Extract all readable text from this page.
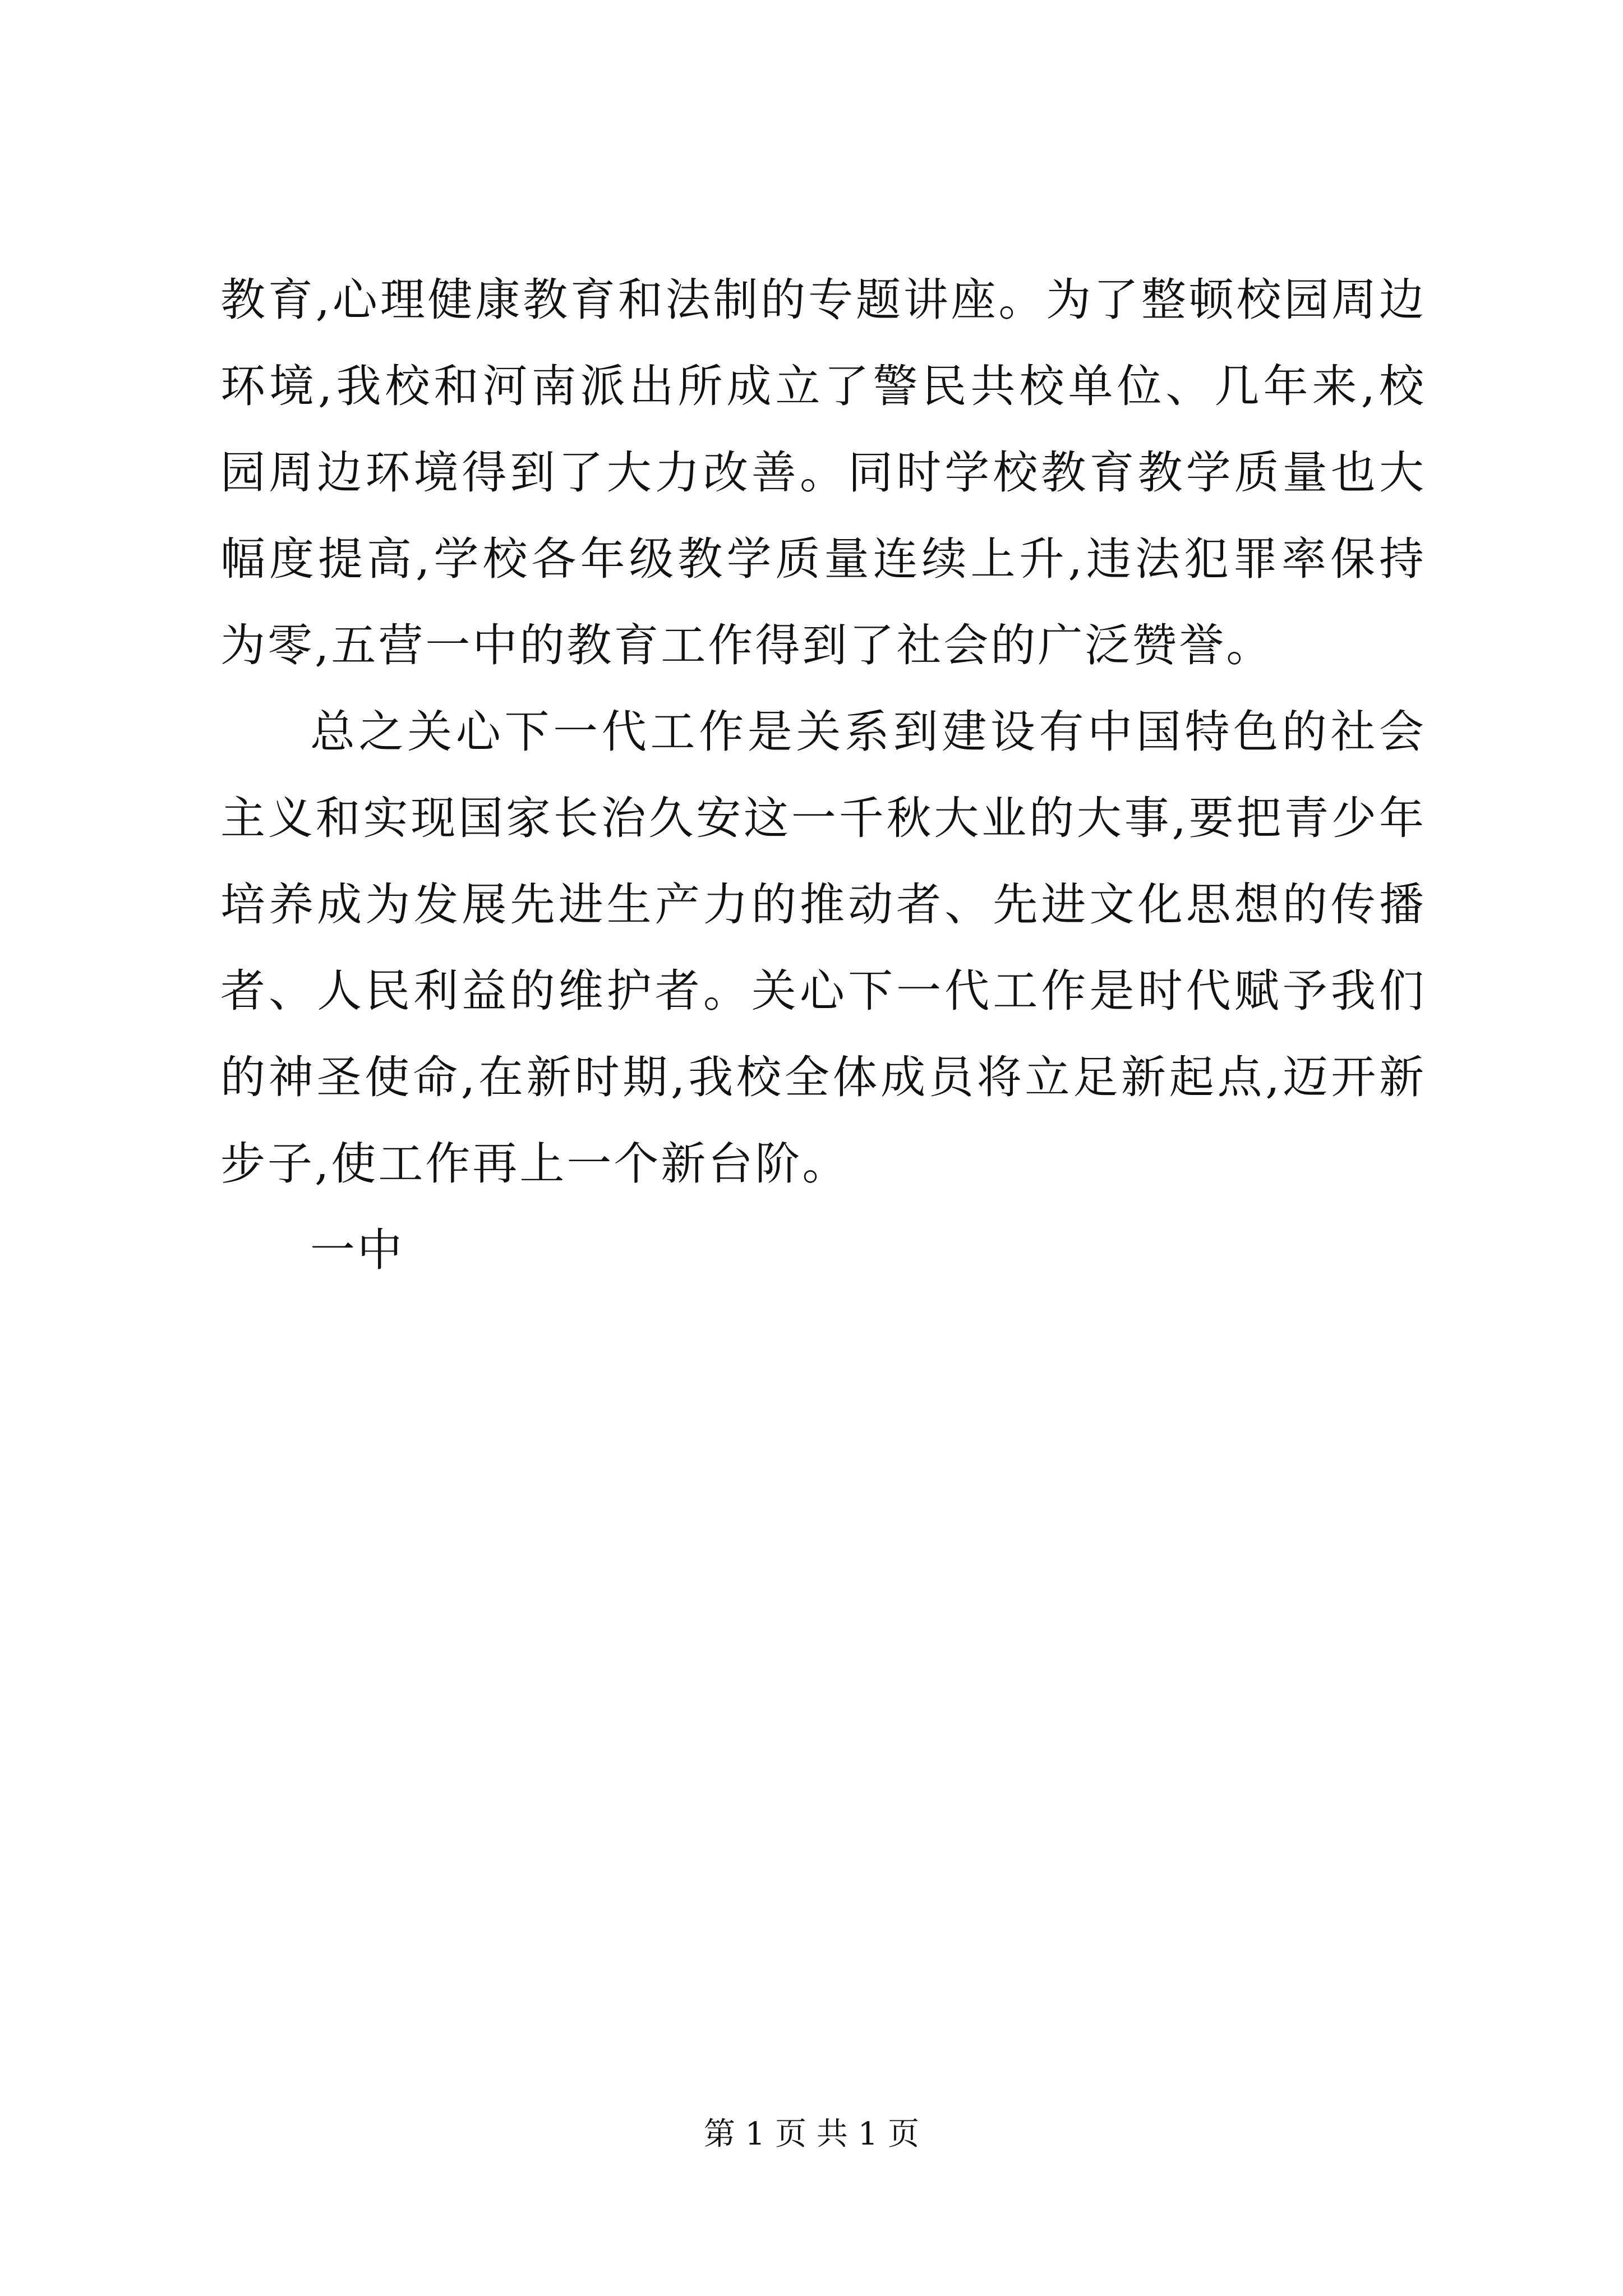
教育,心理健康教育和法制的专题讲座。为了整顿校园周边环境,我校和河南派出所成立了警民共校单位、几年来,校园周边环境得到了大力改善。同时学校教育教学质量也大幅度提高,学校各年级教学质量连续上升,违法犯罪率保持为零,五营一中的教育工作得到了社会的广泛赞誉。

总之关心下一代工作是关系到建设有中国特色的社会主义和实现国家长治久安这一千秋大业的大事,要把青少年培养成为发展先进生产力的推动者、先进文化思想的传播者、人民利益的维护者。关心下一代工作是时代赋予我们的神圣使命,在新时期,我校全体成员将立足新起点,迈开新步子,使工作再上一个新台阶。

一中

第 1 页 共 1 页
